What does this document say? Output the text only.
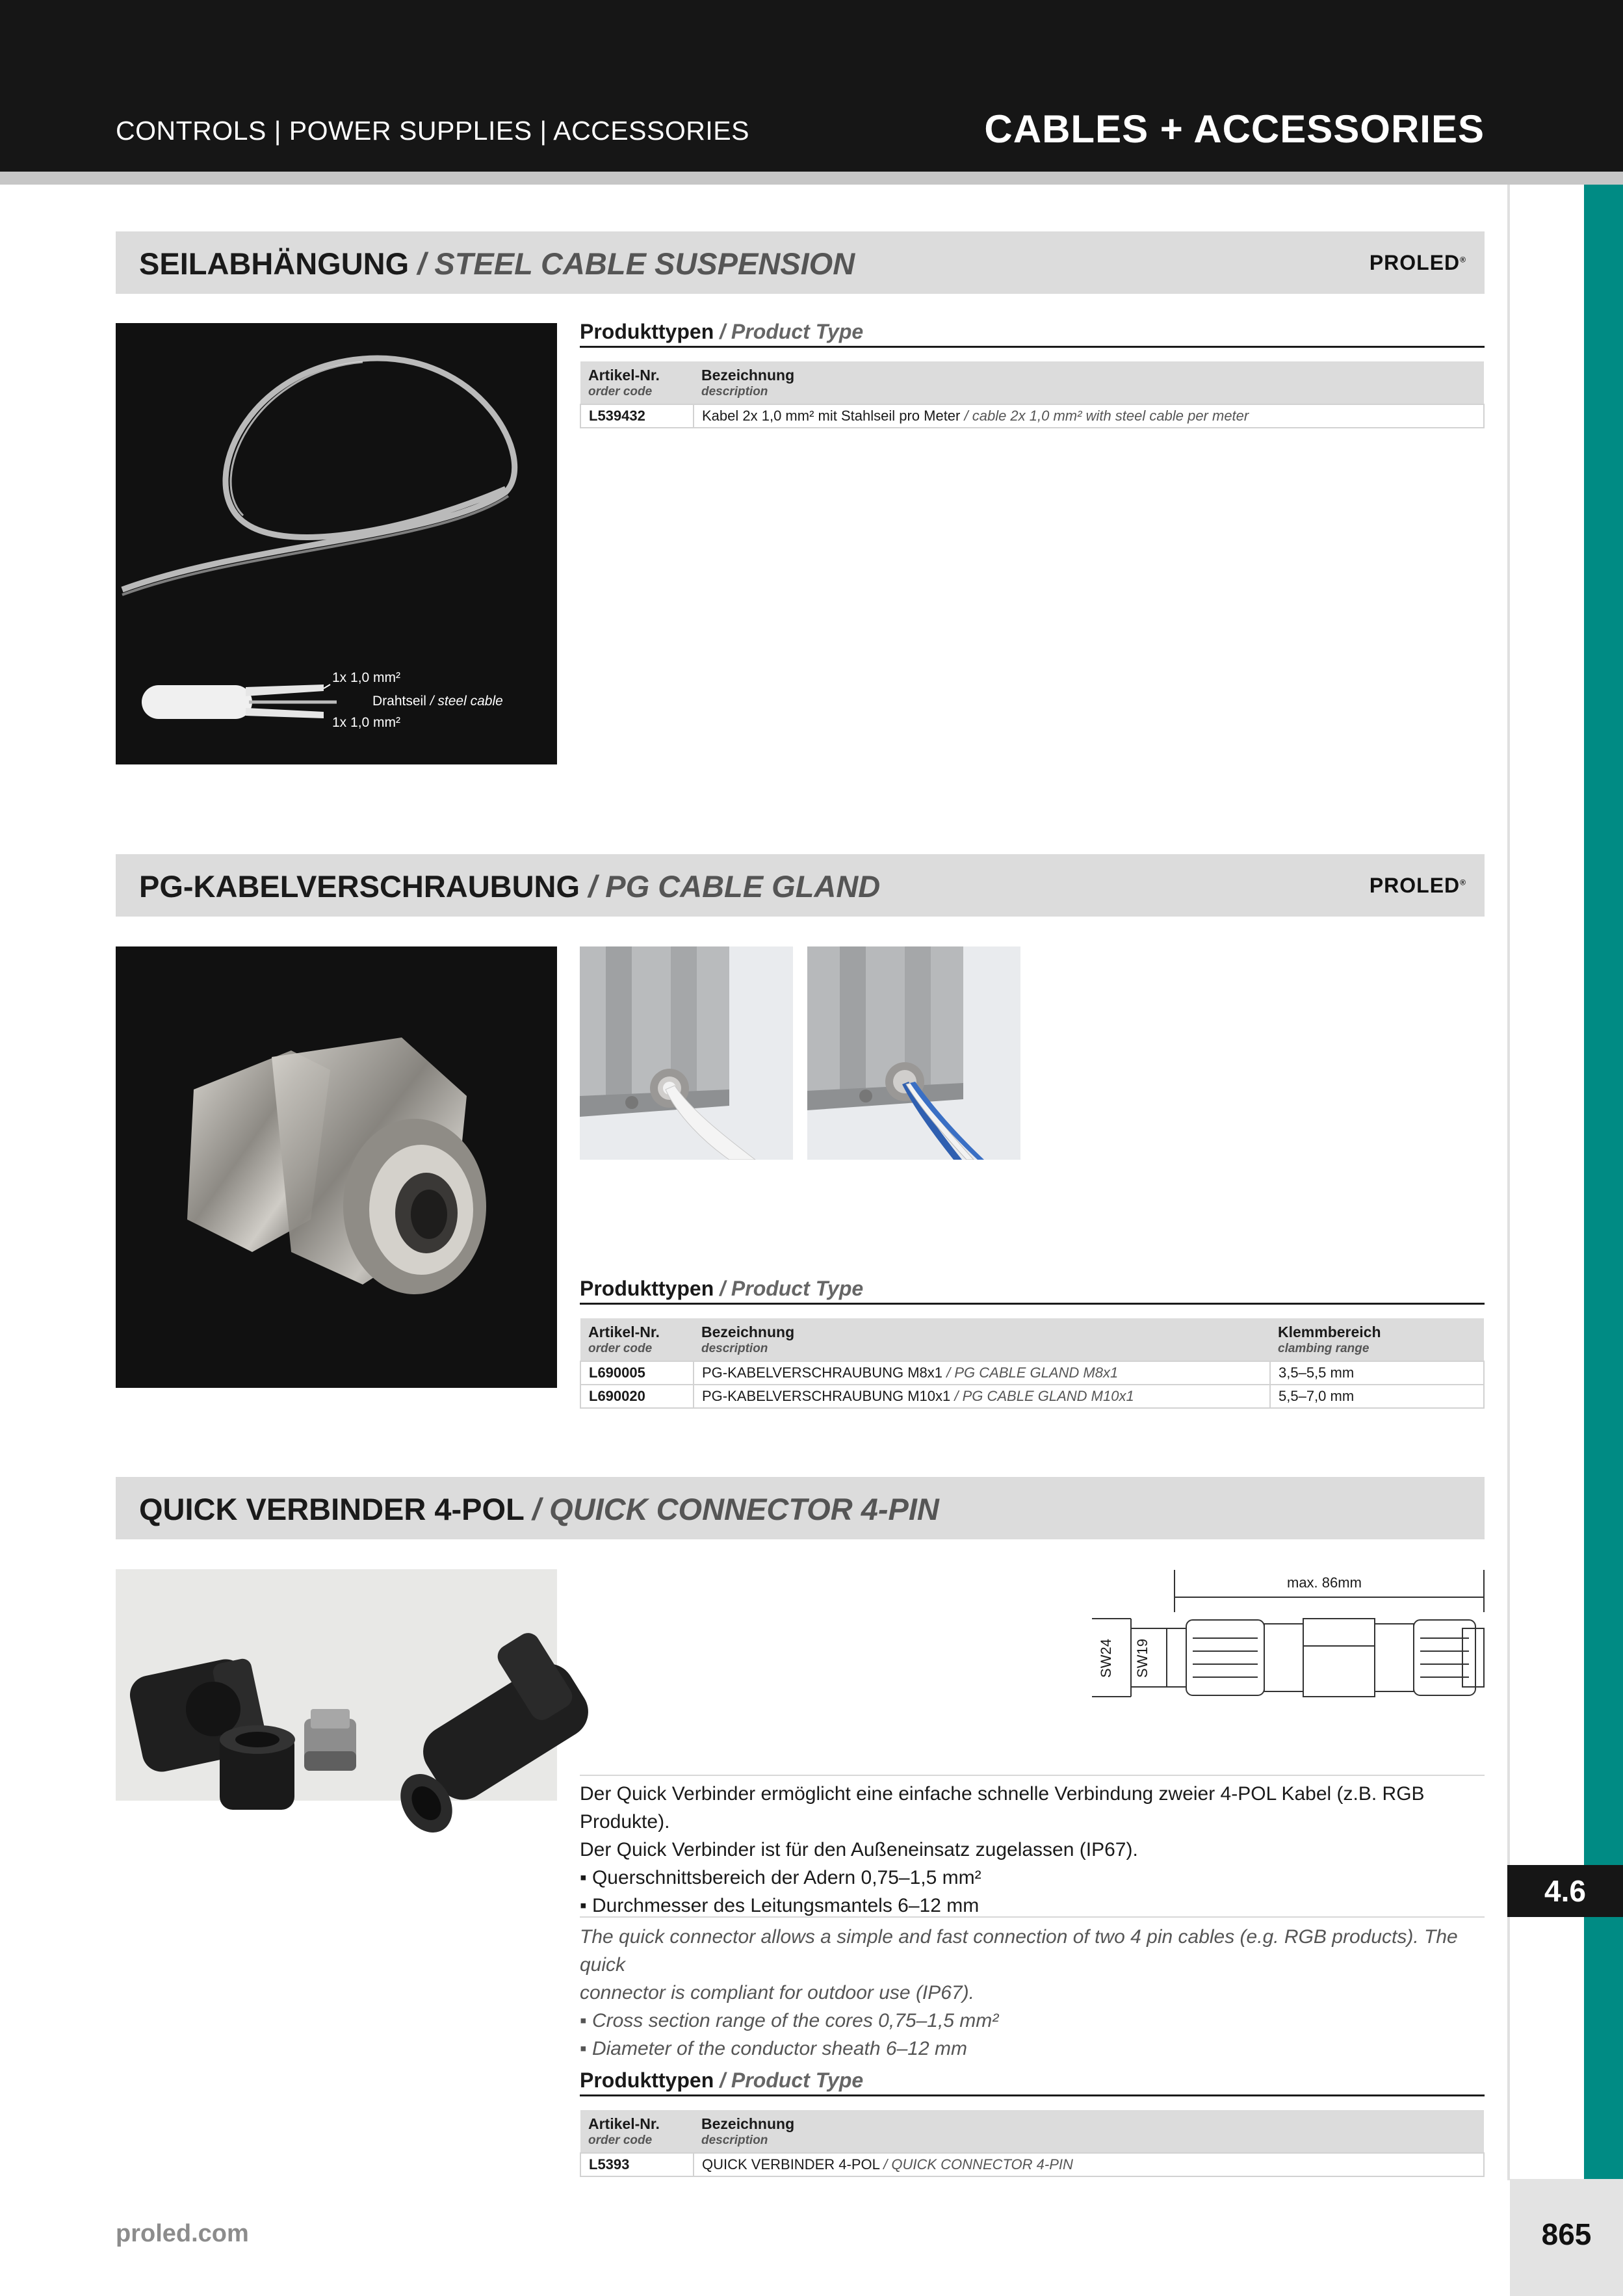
CONTROLS | POWER SUPPLIES | ACCESSORIES	CABLES + ACCESSORIES
4.6
865
proled.com
SEILABHÄNGUNG / STEEL CABLE SUSPENSION	PROLED®
1x 1,0 mm²
Drahtseil / steel cable
1x 1,0 mm²
Produkttypen / Product Type
Artikel-Nr.
order code	Bezeichnung
description

L539432	Kabel 2x 1,0 mm² mit Stahlseil pro Meter / cable 2x 1,0 mm² with steel cable per meter
PG-KABELVERSCHRAUBUNG / PG CABLE GLAND	PROLED®
Produkttypen / Product Type
Artikel-Nr.
order code	Bezeichnung
description	Klemmbereich
clambing range

L690005	PG-KABELVERSCHRAUBUNG M8x1 / PG CABLE GLAND M8x1	3,5–5,5 mm
L690020	PG-KABELVERSCHRAUBUNG M10x1 / PG CABLE GLAND M10x1	5,5–7,0 mm
QUICK VERBINDER 4-POL / QUICK CONNECTOR 4-PIN
max. 86mm
SW24 SW19

Der Quick Verbinder ermöglicht eine einfache schnelle Verbindung zweier 4-POL Kabel (z.B. RGB Produkte).

Der Quick Verbinder ist für den Außeneinsatz zugelassen (IP67).

▪ Querschnittsbereich der Adern 0,75–1,5 mm²

▪ Durchmesser des Leitungsmantels 6–12 mm

The quick connector allows a simple and fast connection of two 4 pin cables (e.g. RGB products). The quick

connector is compliant for outdoor use (IP67).

▪ Cross section range of the cores 0,75–1,5 mm²

▪ Diameter of the conductor sheath 6–12 mm

Produkttypen / Product Type
Artikel-Nr.
order code	Bezeichnung
description

L5393	QUICK VERBINDER 4-POL / QUICK CONNECTOR 4-PIN
